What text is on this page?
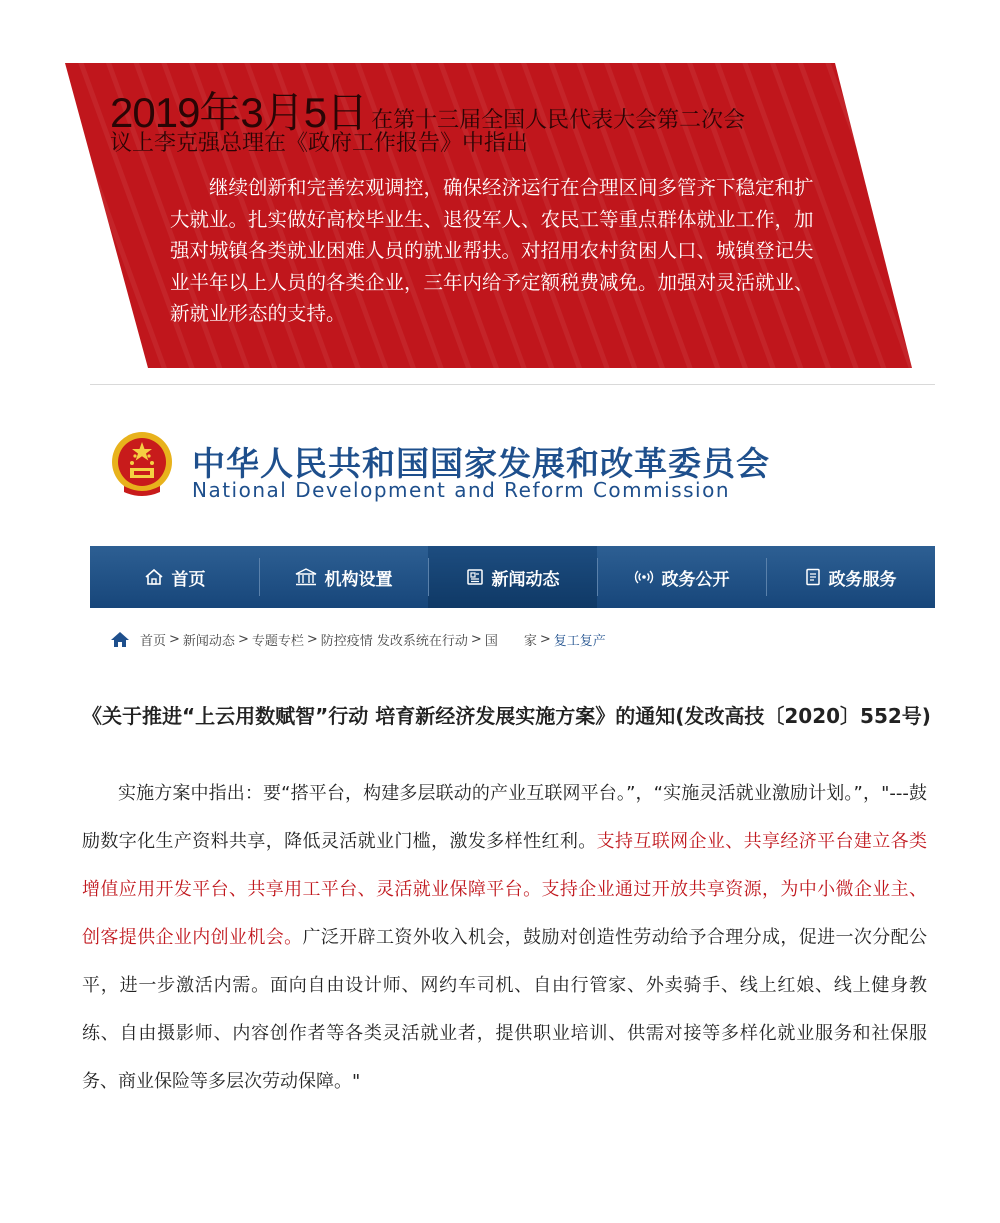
2019年3月5日 在第十三届全国人民代表大会第二次会
议上李克强总理在《政府工作报告》中指出

继续创新和完善宏观调控，确保经济运行在合理区间多管齐下稳定和扩大就业。扎实做好高校毕业生、退役军人、农民工等重点群体就业工作，加强对城镇各类就业困难人员的就业帮扶。对招用农村贫困人口、城镇登记失业半年以上人员的各类企业，三年内给予定额税费减免。加强对灵活就业、新就业形态的支持。

中华人民共和国国家发展和改革委员会
National Development and Reform Commission
首页	机构设置	新闻动态	政务公开	政务服务
首页 > 新闻动态 > 专题专栏 > 防控疫情 发改系统在行动 > 国　　家 > 复工复产
《关于推进“上云用数赋智”行动 培育新经济发展实施方案》的通知(发改高技〔2020〕552号)

实施方案中指出：要“搭平台，构建多层联动的产业互联网平台。”，“实施灵活就业激励计划。”，"---鼓励数字化生产资料共享，降低灵活就业门槛，激发多样性红利。支持互联网企业、共享经济平台建立各类增值应用开发平台、共享用工平台、灵活就业保障平台。支持企业通过开放共享资源，为中小微企业主、创客提供企业内创业机会。广泛开辟工资外收入机会，鼓励对创造性劳动给予合理分成，促进一次分配公平，进一步激活内需。面向自由设计师、网约车司机、自由行管家、外卖骑手、线上红娘、线上健身教练、自由摄影师、内容创作者等各类灵活就业者，提供职业培训、供需对接等多样化就业服务和社保服务、商业保险等多层次劳动保障。"
